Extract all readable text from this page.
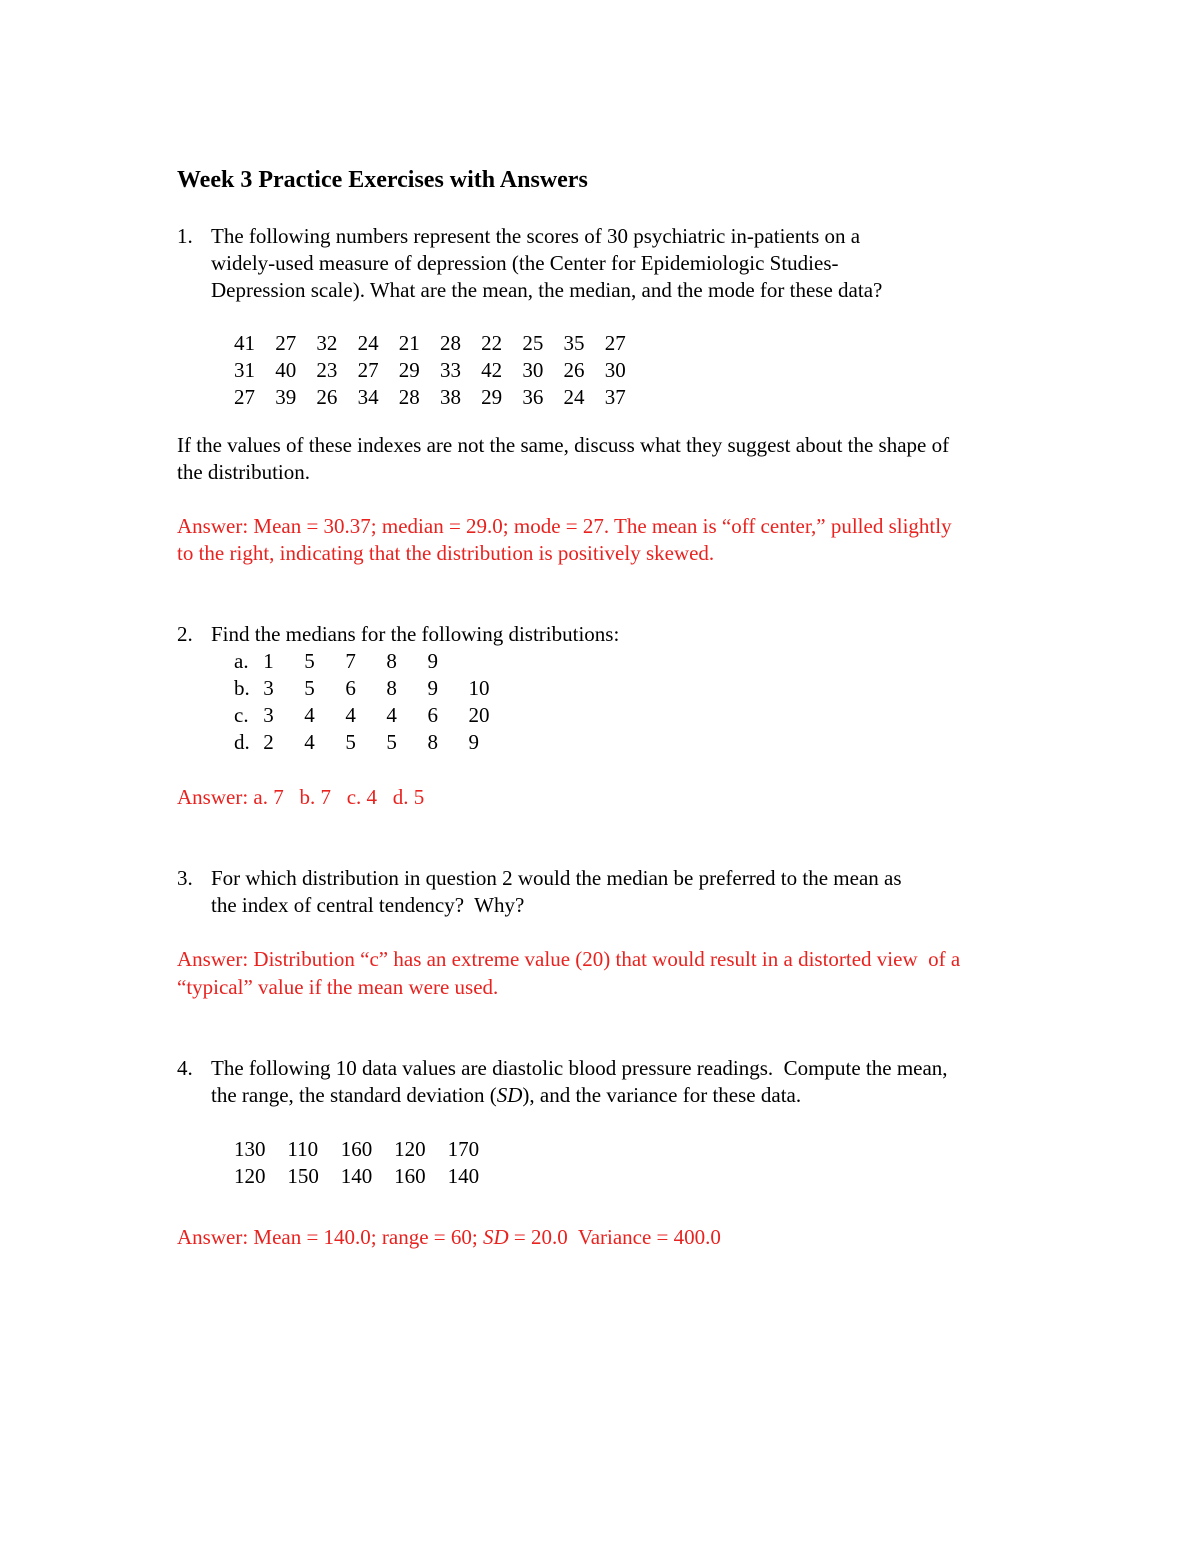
Week 3 Practice Exercises with Answers
1. The following numbers represent the scores of 30 psychiatric in-patients on a
widely-used measure of depression (the Center for Epidemiologic Studies-
Depression scale). What are the mean, the median, and the mode for these data?
41 27 32 24 21 28 22 25 35 27
31 40 23 27 29 33 42 30 26 30
27 39 26 34 28 38 29 36 24 37
If the values of these indexes are not the same, discuss what they suggest about the shape of
the distribution.
Answer: Mean = 30.37; median = 29.0; mode = 27. The mean is “off center,” pulled slightly
to the right, indicating that the distribution is positively skewed.
2. Find the medians for the following distributions:
a. 1 5 7 8 9
b. 3 5 6 8 9 10
c. 3 4 4 4 6 20
d. 2 4 5 5 8 9
Answer: a. 7   b. 7   c. 4   d. 5
3. For which distribution in question 2 would the median be preferred to the mean as
the index of central tendency?  Why?
Answer: Distribution “c” has an extreme value (20) that would result in a distorted view  of a
“typical” value if the mean were used.
4. The following 10 data values are diastolic blood pressure readings.  Compute the mean,
the range, the standard deviation (SD), and the variance for these data.
130	110	160	120	170
120	150	140	160	140
Answer: Mean = 140.0; range = 60; SD = 20.0  Variance = 400.0
